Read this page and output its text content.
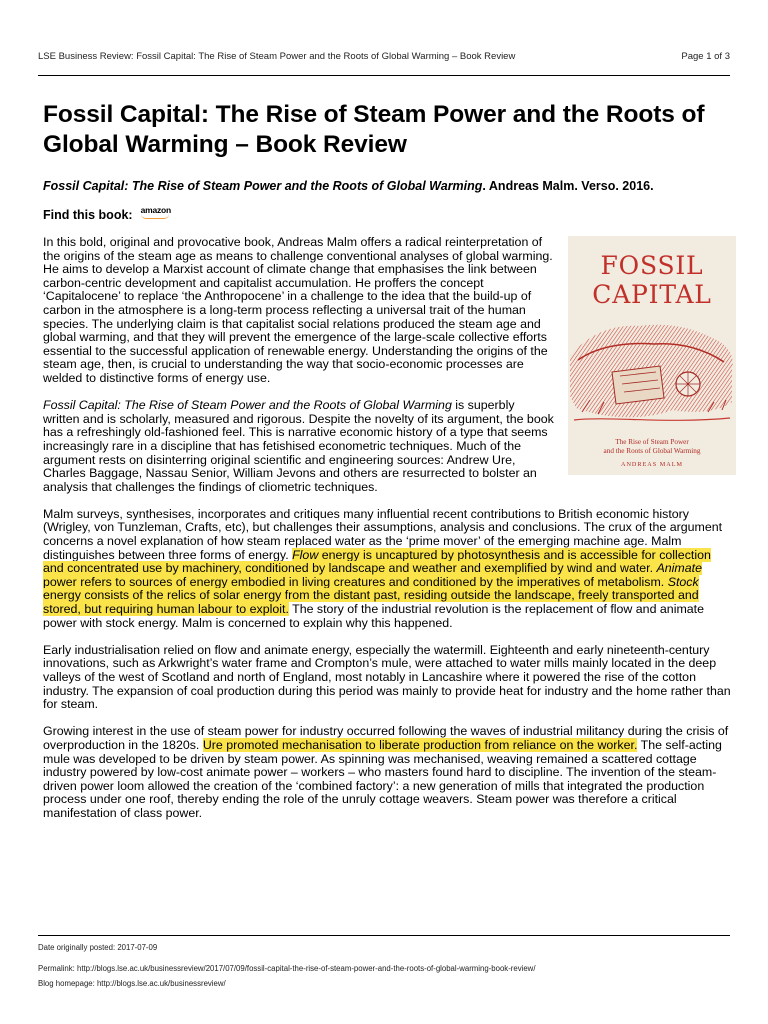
LSE Business Review: Fossil Capital: The Rise of Steam Power and the Roots of Global Warming – Book Review	Page 1 of 3
Fossil Capital: The Rise of Steam Power and the Roots of Global Warming – Book Review
Fossil Capital: The Rise of Steam Power and the Roots of Global Warming. Andreas Malm. Verso. 2016.
Find this book: amazon
FOSSIL
CAPITAL
The Rise of Steam Power
and the Roots of Global Warming
ANDREAS MALM

In this bold, original and provocative book, Andreas Malm offers a radical reinterpretation of the origins of the steam age as means to challenge conventional analyses of global warming. He aims to develop a Marxist account of climate change that emphasises the link between carbon-centric development and capitalist accumulation. He proffers the concept ‘Capitalocene’ to replace ‘the Anthropocene’ in a challenge to the idea that the build-up of carbon in the atmosphere is a long-term process reflecting a universal trait of the human species. The underlying claim is that capitalist social relations produced the steam age and global warming, and that they will prevent the emergence of the large-scale collective efforts essential to the successful application of renewable energy. Understanding the origins of the steam age, then, is crucial to understanding the way that socio-economic processes are welded to distinctive forms of energy use.

Fossil Capital: The Rise of Steam Power and the Roots of Global Warming is superbly written and is scholarly, measured and rigorous. Despite the novelty of its argument, the book has a refreshingly old-fashioned feel. This is narrative economic history of a type that seems increasingly rare in a discipline that has fetishised econometric techniques. Much of the argument rests on disinterring original scientific and engineering sources: Andrew Ure, Charles Baggage, Nassau Senior, William Jevons and others are resurrected to bolster an analysis that challenges the findings of cliometric techniques.

Malm surveys, synthesises, incorporates and critiques many influential recent contributions to British economic history (Wrigley, von Tunzleman, Crafts, etc), but challenges their assumptions, analysis and conclusions. The crux of the argument concerns a novel explanation of how steam replaced water as the ‘prime mover’ of the emerging machine age. Malm distinguishes between three forms of energy. Flow energy is uncaptured by photosynthesis and is accessible for collection and concentrated use by machinery, conditioned by landscape and weather and exemplified by wind and water. Animate power refers to sources of energy embodied in living creatures and conditioned by the imperatives of metabolism. Stock energy consists of the relics of solar energy from the distant past, residing outside the landscape, freely transported and stored, but requiring human labour to exploit. The story of the industrial revolution is the replacement of flow and animate power with stock energy. Malm is concerned to explain why this happened.

Early industrialisation relied on flow and animate energy, especially the watermill. Eighteenth and early nineteenth-century innovations, such as Arkwright’s water frame and Crompton’s mule, were attached to water mills mainly located in the deep valleys of the west of Scotland and north of England, most notably in Lancashire where it powered the rise of the cotton industry. The expansion of coal production during this period was mainly to provide heat for industry and the home rather than for steam.

Growing interest in the use of steam power for industry occurred following the waves of industrial militancy during the crisis of overproduction in the 1820s. Ure promoted mechanisation to liberate production from reliance on the worker. The self-acting mule was developed to be driven by steam power. As spinning was mechanised, weaving remained a scattered cottage industry powered by low-cost animate power – workers – who masters found hard to discipline. The invention of the steam-driven power loom allowed the creation of the ‘combined factory’: a new generation of mills that integrated the production process under one roof, thereby ending the role of the unruly cottage weavers. Steam power was therefore a critical manifestation of class power.

Date originally posted: 2017-07-09
Permalink: http://blogs.lse.ac.uk/businessreview/2017/07/09/fossil-capital-the-rise-of-steam-power-and-the-roots-of-global-warming-book-review/
Blog homepage: http://blogs.lse.ac.uk/businessreview/
